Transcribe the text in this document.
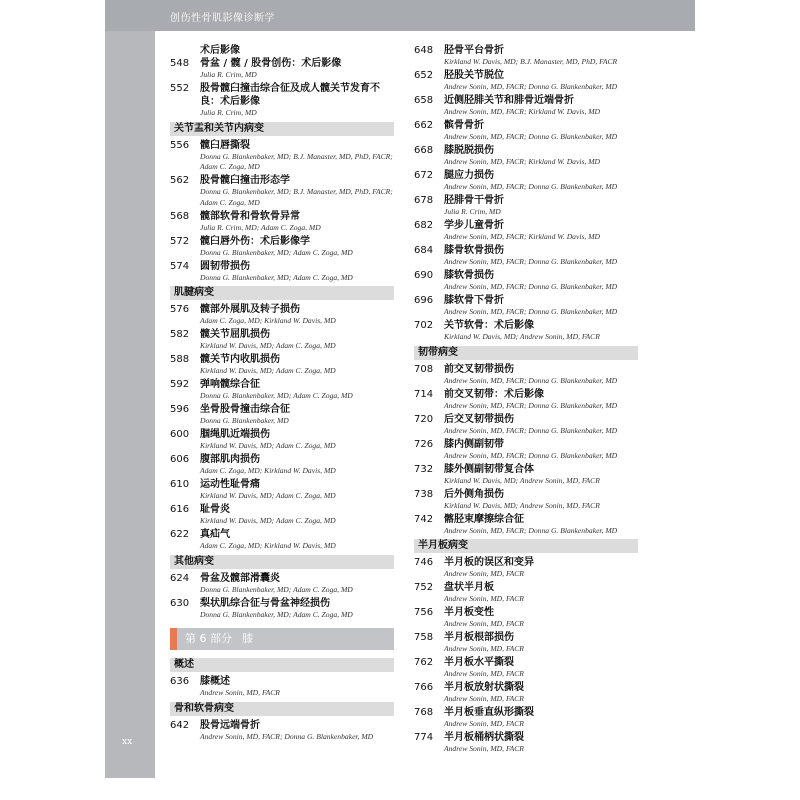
创伤性骨肌影像诊断学
xx
术后影像
548	骨盆 / 髋 / 股骨创伤：术后影像
Julia R. Crim, MD
552	股骨髋臼撞击综合征及成人髋关节发育不良：术后影像
Julia R. Crim, MD
关节盂和关节内病变
556	髋臼唇撕裂
Donna G. Blankenbaker, MD; B.J. Manaster, MD, PhD, FACR; Adam C. Zoga, MD
562	股骨髋臼撞击形态学
Donna G. Blankenbaker, MD; B.J. Manaster, MD, PhD, FACR; Adam C. Zoga, MD
568	髋部软骨和骨软骨异常
Julia R. Crim, MD; Adam C. Zoga, MD
572	髋臼唇外伤：术后影像学
Donna G. Blankenbaker, MD; Adam C. Zoga, MD
574	圆韧带损伤
Donna G. Blankenbaker, MD; Adam C. Zoga, MD
肌腱病变
576	髋部外展肌及转子损伤
Adam C. Zoga, MD; Kirkland W. Davis, MD
582	髋关节屈肌损伤
Kirkland W. Davis, MD; Adam C. Zoga, MD
588	髋关节内收肌损伤
Kirkland W. Davis, MD; Adam C. Zoga, MD
592	弹响髋综合征
Donna G. Blankenbaker, MD; Adam C. Zoga, MD
596	坐骨股骨撞击综合征
Donna G. Blankenbaker, MD
600	腘绳肌近端损伤
Kirkland W. Davis, MD; Adam C. Zoga, MD
606	腹部肌肉损伤
Adam C. Zoga, MD; Kirkland W. Davis, MD
610	运动性耻骨痛
Kirkland W. Davis, MD; Adam C. Zoga, MD
616	耻骨炎
Kirkland W. Davis, MD; Adam C. Zoga, MD
622	真疝气
Adam C. Zoga, MD; Kirkland W. Davis, MD
其他病变
624	骨盆及髋部滑囊炎
Donna G. Blankenbaker, MD; Adam C. Zoga, MD
630	梨状肌综合征与骨盆神经损伤
Donna G. Blankenbaker, MD; Adam C. Zoga, MD
第 6 部分 膝
概述
636	膝概述
Andrew Sonin, MD, FACR
骨和软骨病变
642	股骨远端骨折
Andrew Sonin, MD, FACR; Donna G. Blankenbaker, MD
648	胫骨平台骨折
Kirkland W. Davis, MD; B.J. Manaster, MD, PhD, FACR
652	胫股关节脱位
Andrew Sonin, MD, FACR; Donna G. Blankenbaker, MD
658	近侧胫腓关节和腓骨近端骨折
Andrew Sonin, MD, FACR; Kirkland W. Davis, MD
662	髌骨骨折
Andrew Sonin, MD, FACR; Donna G. Blankenbaker, MD
668	膝脱脱损伤
Andrew Sonin, MD, FACR; Kirkland W. Davis, MD
672	腿应力损伤
Andrew Sonin, MD, FACR; Donna G. Blankenbaker, MD
678	胫腓骨干骨折
Julia R. Crim, MD
682	学步儿童骨折
Andrew Sonin, MD, FACR; Kirkland W. Davis, MD
684	膝骨软骨损伤
Andrew Sonin, MD, FACR; Donna G. Blankenbaker, MD
690	膝软骨损伤
Andrew Sonin, MD, FACR; Donna G. Blankenbaker, MD
696	膝软骨下骨折
Andrew Sonin, MD, FACR; Donna G. Blankenbaker, MD
702	关节软骨：术后影像
Kirkland W. Davis, MD; Andrew Sonin, MD, FACR
韧带病变
708	前交叉韧带损伤
Andrew Sonin, MD, FACR; Donna G. Blankenbaker, MD
714	前交叉韧带：术后影像
Andrew Sonin, MD, FACR; Donna G. Blankenbaker, MD
720	后交叉韧带损伤
Andrew Sonin, MD, FACR; Donna G. Blankenbaker, MD
726	膝内侧副韧带
Andrew Sonin, MD, FACR; Donna G. Blankenbaker, MD
732	膝外侧副韧带复合体
Kirkland W. Davis, MD; Andrew Sonin, MD, FACR
738	后外侧角损伤
Kirkland W. Davis, MD; Andrew Sonin, MD, FACR
742	髂胫束摩擦综合征
Andrew Sonin, MD, FACR; Donna G. Blankenbaker, MD
半月板病变
746	半月板的误区和变异
Andrew Sonin, MD, FACR
752	盘状半月板
Andrew Sonin, MD, FACR
756	半月板变性
Andrew Sonin, MD, FACR
758	半月板根部损伤
Andrew Sonin, MD, FACR
762	半月板水平撕裂
Andrew Sonin, MD, FACR
766	半月板放射状撕裂
Andrew Sonin, MD, FACR
768	半月板垂直纵形撕裂
Andrew Sonin, MD, FACR
774	半月板桶柄状撕裂
Andrew Sonin, MD, FACR
